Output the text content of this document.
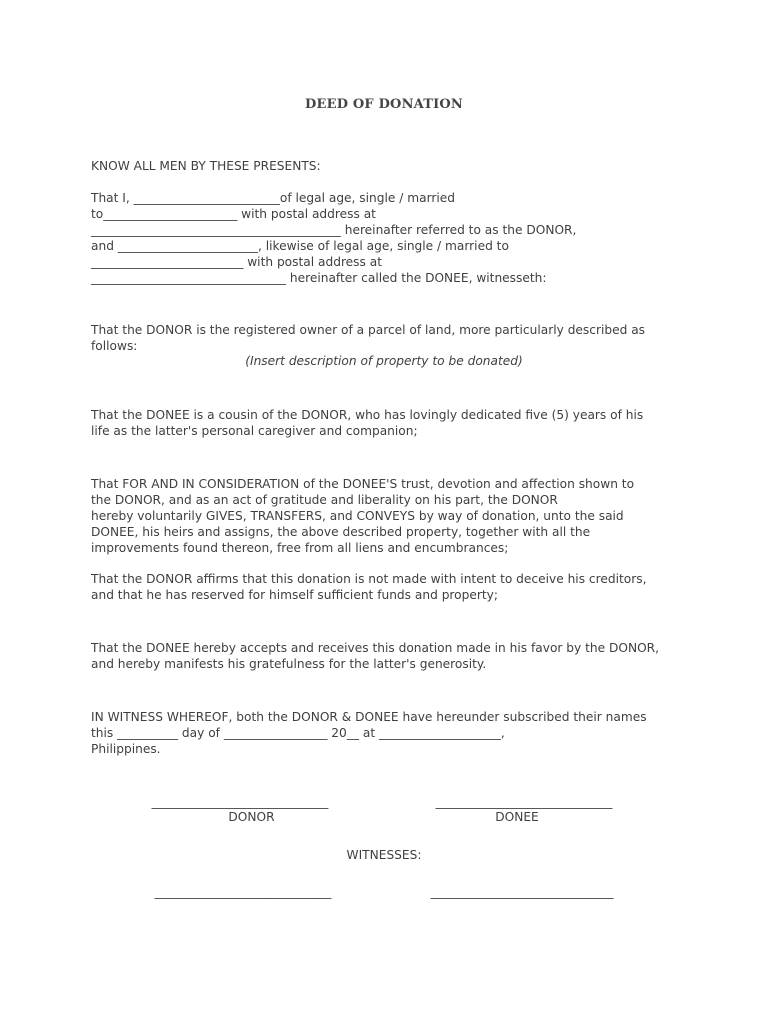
DEED OF DONATION
KNOW ALL MEN BY THESE PRESENTS:
That I, ________________________of legal age, single / married
to______________________ with postal address at
_________________________________________ hereinafter referred to as the DONOR,
and _______________________, likewise of legal age, single / married to
_________________________ with postal address at
________________________________ hereinafter called the DONEE, witnesseth:
That the DONOR is the registered owner of a parcel of land, more particularly described as
follows:
(Insert description of property to be donated)
That the DONEE is a cousin of the DONOR, who has lovingly dedicated five (5) years of his
life as the latter's personal caregiver and companion;
That FOR AND IN CONSIDERATION of the DONEE'S trust, devotion and affection shown to
the DONOR, and as an act of gratitude and liberality on his part, the DONOR
hereby voluntarily GIVES, TRANSFERS, and CONVEYS by way of donation, unto the said
DONEE, his heirs and assigns, the above described property, together with all the
improvements found thereon, free from all liens and encumbrances;
That the DONOR affirms that this donation is not made with intent to deceive his creditors,
and that he has reserved for himself sufficient funds and property;
That the DONEE hereby accepts and receives this donation made in his favor by the DONOR,
and hereby manifests his gratefulness for the latter's generosity.
IN WITNESS WHEREOF, both the DONOR & DONEE have hereunder subscribed their names
this __________ day of _________________ 20__ at ____________________,
Philippines.
_____________________________	_____________________________
DONOR	DONEE
WITNESSES:
_____________________________	______________________________
